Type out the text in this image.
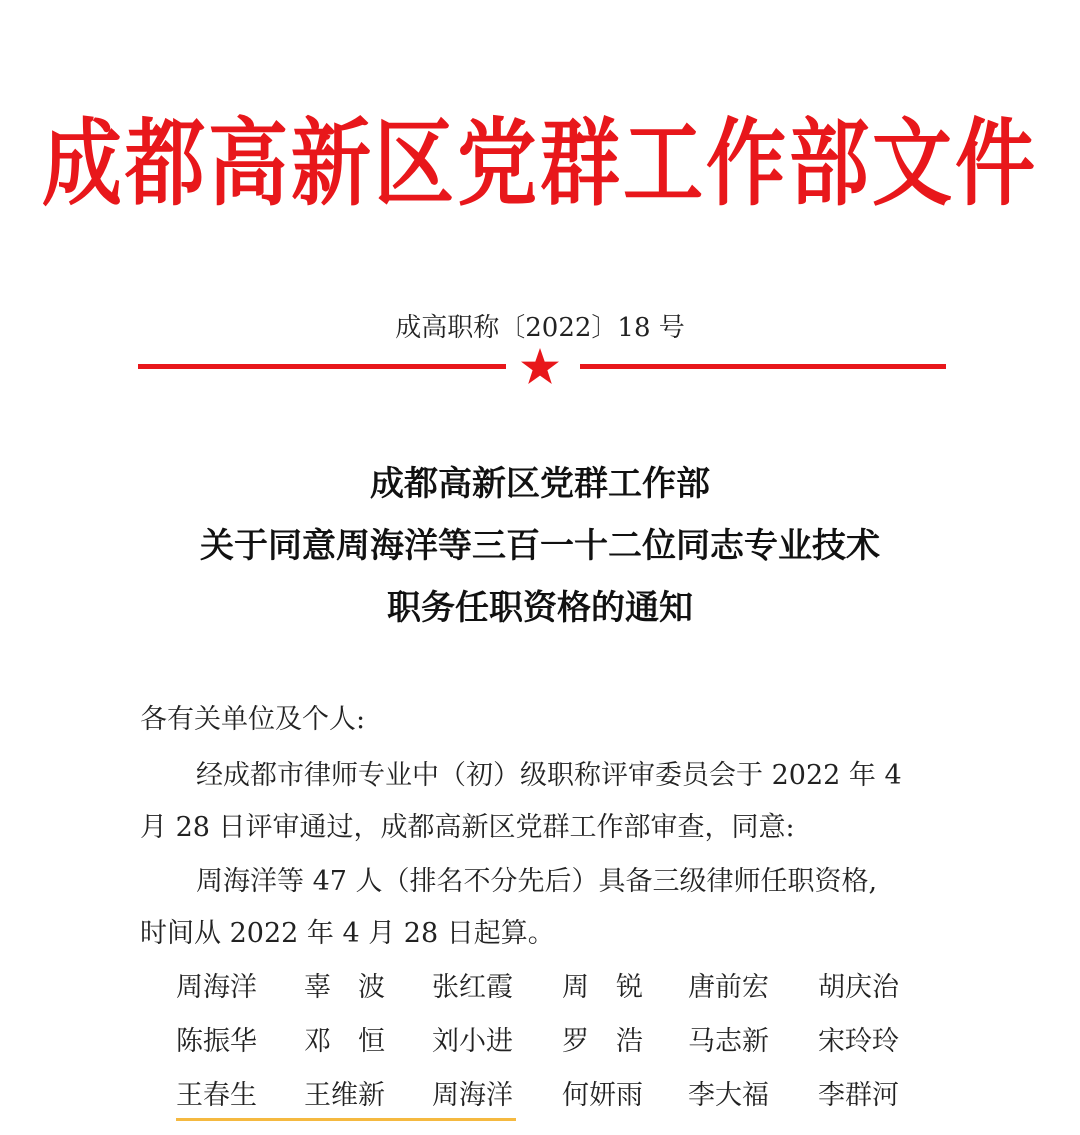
成都高新区党群工作部文件
成高职称〔2022〕18 号
成都高新区党群工作部
关于同意周海洋等三百一十二位同志专业技术
职务任职资格的通知
各有关单位及个人:
经成都市律师专业中（初）级职称评审委员会于 2022 年 4
月 28 日评审通过，成都高新区党群工作部审查，同意:
周海洋等 47 人（排名不分先后）具备三级律师任职资格,
时间从 2022 年 4 月 28 日起算。
周海洋 辜　波 张红霞 周　锐 唐前宏 胡庆治
陈振华 邓　恒 刘小进 罗　浩 马志新 宋玲玲
王春生 王维新 周海洋 何妍雨 李大福 李群河
